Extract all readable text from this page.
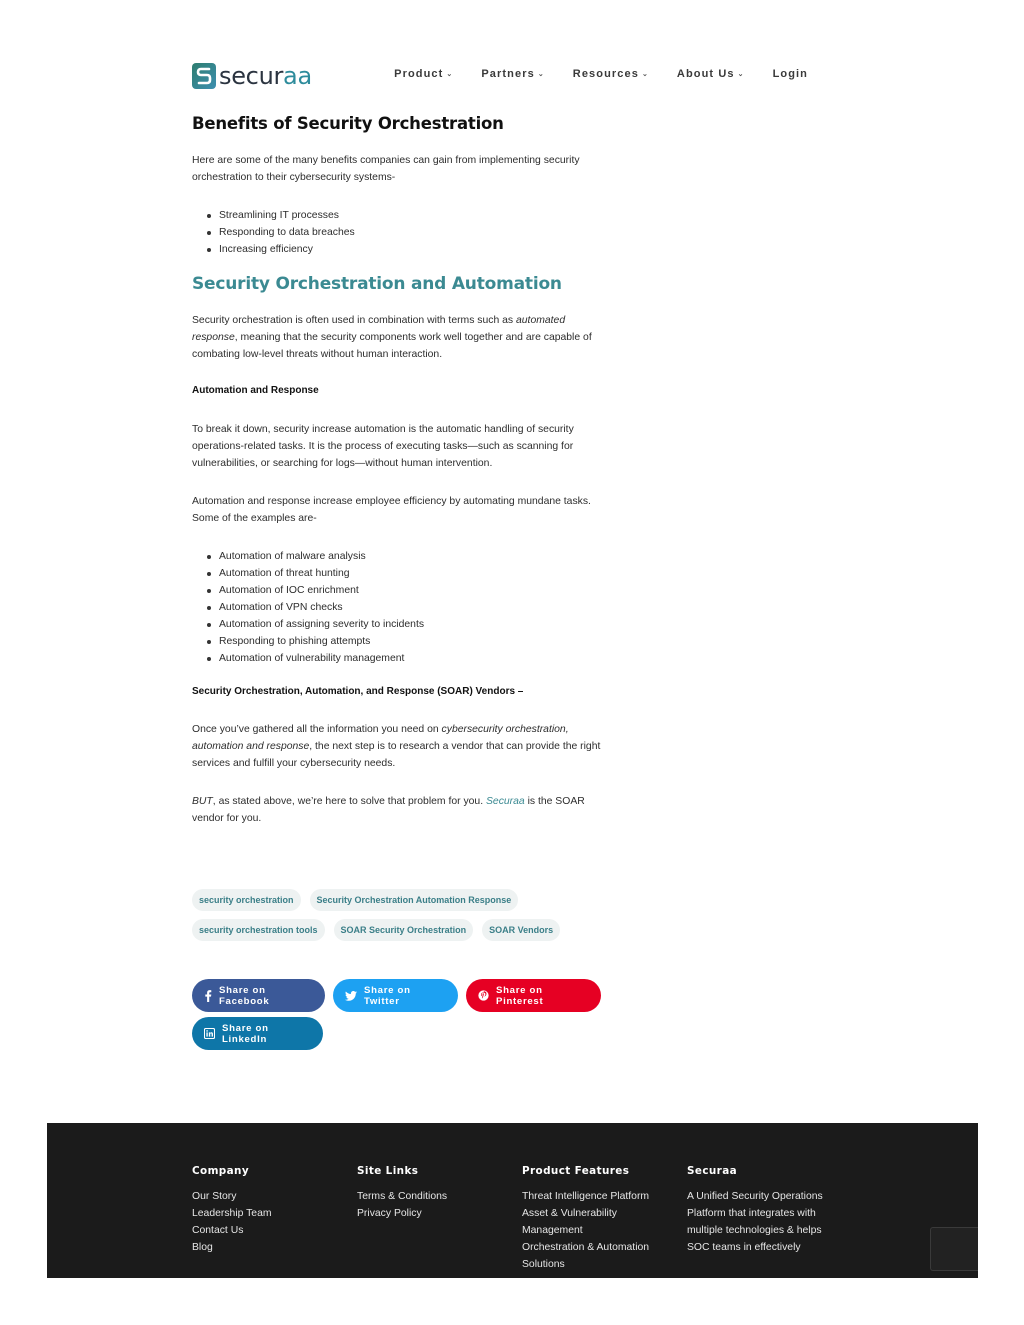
securaa	Product ⌄	Partners ⌄	Resources ⌄	About Us ⌄	Login
Benefits of Security Orchestration

Here are some of the many benefits companies can gain from implementing security orchestration to their cybersecurity systems-

Streamlining IT processes
Responding to data breaches
Increasing efficiency
Security Orchestration and Automation

Security orchestration is often used in combination with terms such as automated response, meaning that the security components work well together and are capable of combating low-level threats without human interaction.

Automation and Response

To break it down, security increase automation is the automatic handling of security operations-related tasks. It is the process of executing tasks—such as scanning for vulnerabilities, or searching for logs—without human intervention.

Automation and response increase employee efficiency by automating mundane tasks. Some of the examples are-

Automation of malware analysis
Automation of threat hunting
Automation of IOC enrichment
Automation of VPN checks
Automation of assigning severity to incidents
Responding to phishing attempts
Automation of vulnerability management
Security Orchestration, Automation, and Response (SOAR) Vendors –

Once you’ve gathered all the information you need on cybersecurity orchestration, automation and response, the next step is to research a vendor that can provide the right services and fulfill your cybersecurity needs.

BUT, as stated above, we’re here to solve that problem for you. Securaa is the SOAR vendor for you.

security orchestration	Security Orchestration Automation Response
security orchestration tools	SOAR Security Orchestration	SOAR Vendors
Share on Facebook
Share on Twitter
Share on Pinterest
Share on LinkedIn
Company
Our Story
Leadership Team
Contact Us
Blog
Site Links
Terms & Conditions
Privacy Policy
Product Features
Threat Intelligence Platform
Asset & Vulnerability
Management
Orchestration & Automation
Solutions
Securaa
A Unified Security Operations
Platform that integrates with
multiple technologies & helps
SOC teams in effectively
